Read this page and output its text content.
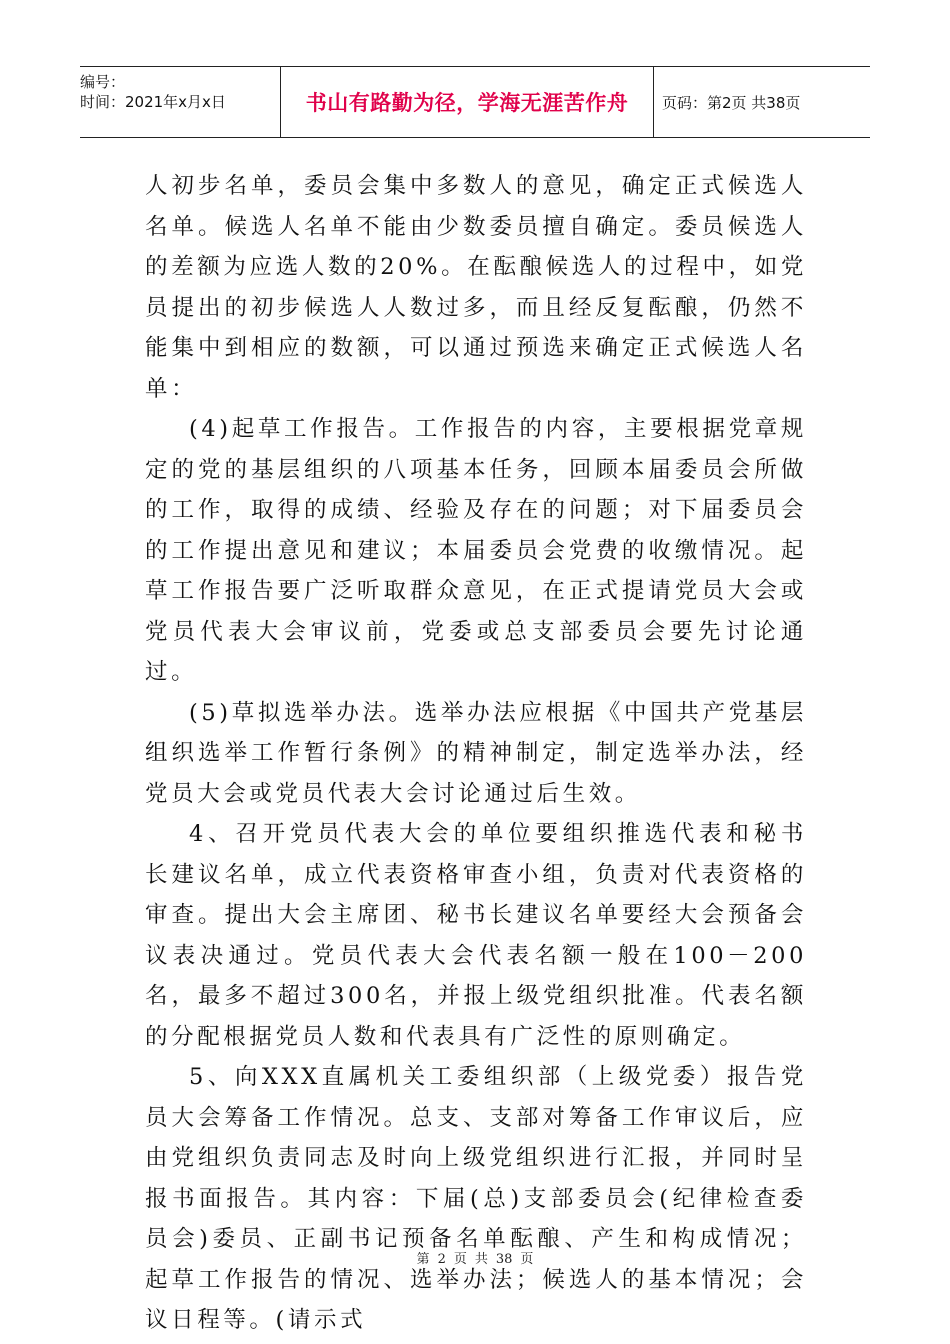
编号：
时间：2021年x月x日	书山有路勤为径，学海无涯苦作舟 页码：第2页 共38页

人初步名单，委员会集中多数人的意见，确定正式候选人名单。候选人名单不能由少数委员擅自确定。委员候选人的差额为应选人数的20%。在酝酿候选人的过程中，如党员提出的初步候选人人数过多，而且经反复酝酿，仍然不能集中到相应的数额，可以通过预选来确定正式候选人名单：

(4)起草工作报告。工作报告的内容，主要根据党章规定的党的基层组织的八项基本任务，回顾本届委员会所做的工作，取得的成绩、经验及存在的问题；对下届委员会的工作提出意见和建议；本届委员会党费的收缴情况。起草工作报告要广泛听取群众意见，在正式提请党员大会或党员代表大会审议前，党委或总支部委员会要先讨论通过。

(5)草拟选举办法。选举办法应根据《中国共产党基层组织选举工作暂行条例》的精神制定，制定选举办法，经党员大会或党员代表大会讨论通过后生效。

4、召开党员代表大会的单位要组织推选代表和秘书长建议名单，成立代表资格审查小组，负责对代表资格的审查。提出大会主席团、秘书长建议名单要经大会预备会议表决通过。党员代表大会代表名额一般在100－200名，最多不超过300名，并报上级党组织批准。代表名额的分配根据党员人数和代表具有广泛性的原则确定。

5、向XXX直属机关工委组织部（上级党委）报告党员大会筹备工作情况。总支、支部对筹备工作审议后，应由党组织负责同志及时向上级党组织进行汇报，并同时呈报书面报告。其内容：下届(总)支部委员会(纪律检查委员会)委员、正副书记预备名单酝酿、产生和构成情况；起草工作报告的情况、选举办法；候选人的基本情况；会议日程等。(请示式

第 2 页 共 38 页
